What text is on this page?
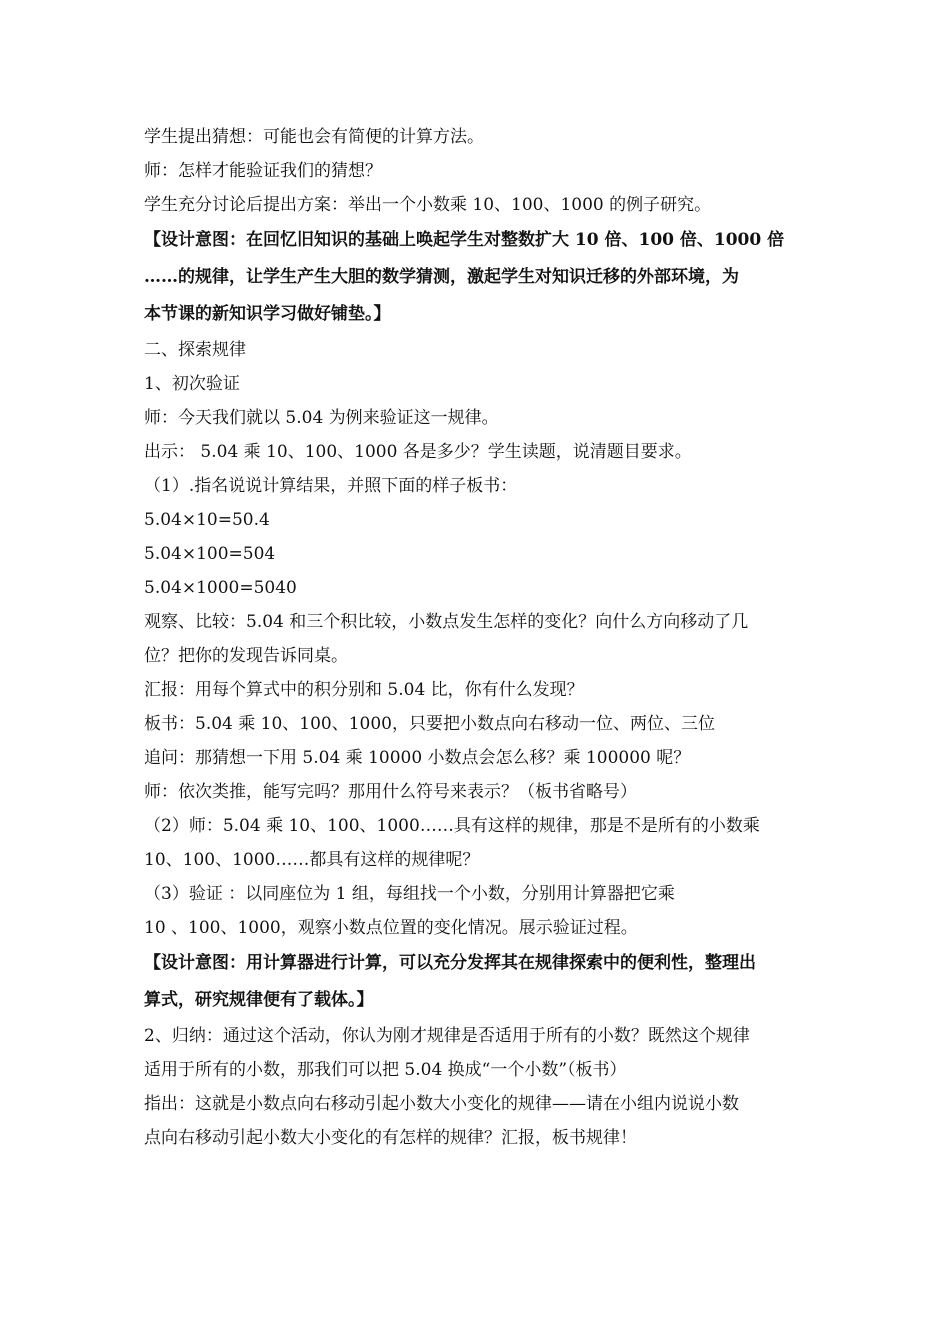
学生提出猜想：可能也会有简便的计算方法。
师：怎样才能验证我们的猜想？
学生充分讨论后提出方案：举出一个小数乘 10、100、1000 的例子研究。
【设计意图：在回忆旧知识的基础上唤起学生对整数扩大 10 倍、100 倍、1000 倍
……的规律，让学生产生大胆的数学猜测，激起学生对知识迁移的外部环境，为
本节课的新知识学习做好铺垫。】
二、探索规律
1、初次验证
师：今天我们就以 5.04 为例来验证这一规律。
出示： 5.04 乘 10、100、1000 各是多少？学生读题，说清题目要求。
（1）.指名说说计算结果，并照下面的样子板书：
5.04×10=50.4
5.04×100=504
5.04×1000=5040
观察、比较：5.04 和三个积比较，小数点发生怎样的变化？向什么方向移动了几
位？把你的发现告诉同桌。
汇报：用每个算式中的积分别和 5.04 比，你有什么发现？
板书：5.04 乘 10、100、1000，只要把小数点向右移动一位、两位、三位
追问：那猜想一下用 5.04 乘 10000 小数点会怎么移？乘 100000 呢？
师：依次类推，能写完吗？那用什么符号来表示？（板书省略号）
（2）师：5.04 乘 10、100、1000……具有这样的规律，那是不是所有的小数乘
10、100、1000……都具有这样的规律呢？
（3）验证 ：以同座位为 1 组，每组找一个小数，分别用计算器把它乘
10 、100、1000，观察小数点位置的变化情况。展示验证过程。
【设计意图：用计算器进行计算，可以充分发挥其在规律探索中的便利性，整理出
算式，研究规律便有了载体。】
2、归纳：通过这个活动，你认为刚才规律是否适用于所有的小数？既然这个规律
适用于所有的小数，那我们可以把 5.04 换成“一个小数”（板书）
指出：这就是小数点向右移动引起小数大小变化的规律——请在小组内说说小数
点向右移动引起小数大小变化的有怎样的规律？汇报，板书规律！
